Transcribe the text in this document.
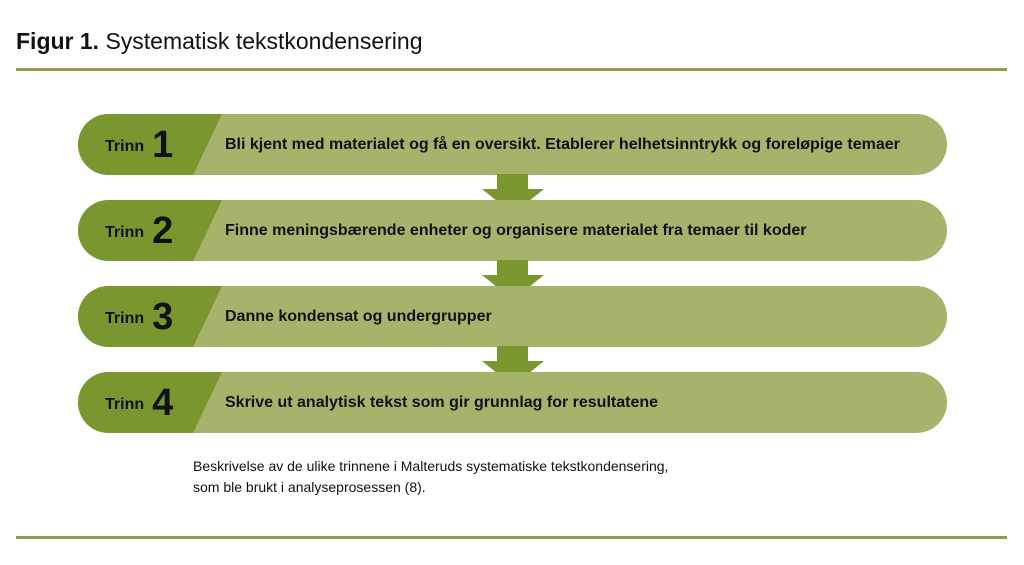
Figur 1. Systematisk tekstkondensering
Trinn 1	Bli kjent med materialet og få en oversikt. Etablerer helhetsinntrykk og foreløpige temaer
Trinn 2	Finne meningsbærende enheter og organisere materialet fra temaer til koder
Trinn 3	Danne kondensat og undergrupper
Trinn 4	Skrive ut analytisk tekst som gir grunnlag for resultatene
Beskrivelse av de ulike trinnene i Malteruds systematiske tekstkondensering,
som ble brukt i analyseprosessen (8).
